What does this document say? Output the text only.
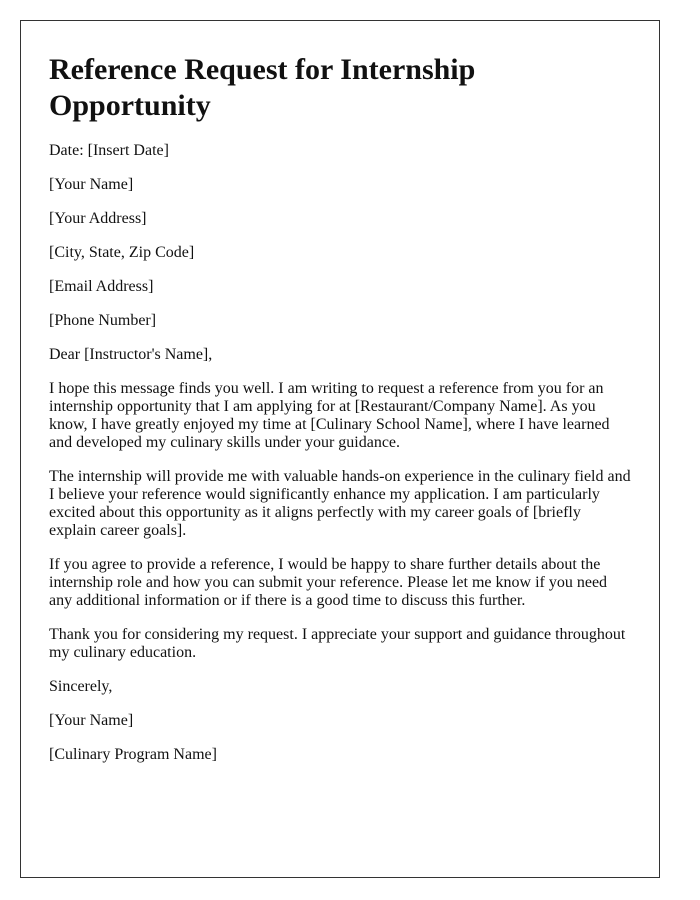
Reference Request for Internship Opportunity

Date: [Insert Date]

[Your Name]

[Your Address]

[City, State, Zip Code]

[Email Address]

[Phone Number]

Dear [Instructor's Name],

I hope this message finds you well. I am writing to request a reference from you for an internship opportunity that I am applying for at [Restaurant/Company Name]. As you know, I have greatly enjoyed my time at [Culinary School Name], where I have learned and developed my culinary skills under your guidance.

The internship will provide me with valuable hands-on experience in the culinary field and I believe your reference would significantly enhance my application. I am particularly excited about this opportunity as it aligns perfectly with my career goals of [briefly explain career goals].

If you agree to provide a reference, I would be happy to share further details about the internship role and how you can submit your reference. Please let me know if you need any additional information or if there is a good time to discuss this further.

Thank you for considering my request. I appreciate your support and guidance throughout my culinary education.

Sincerely,

[Your Name]

[Culinary Program Name]
